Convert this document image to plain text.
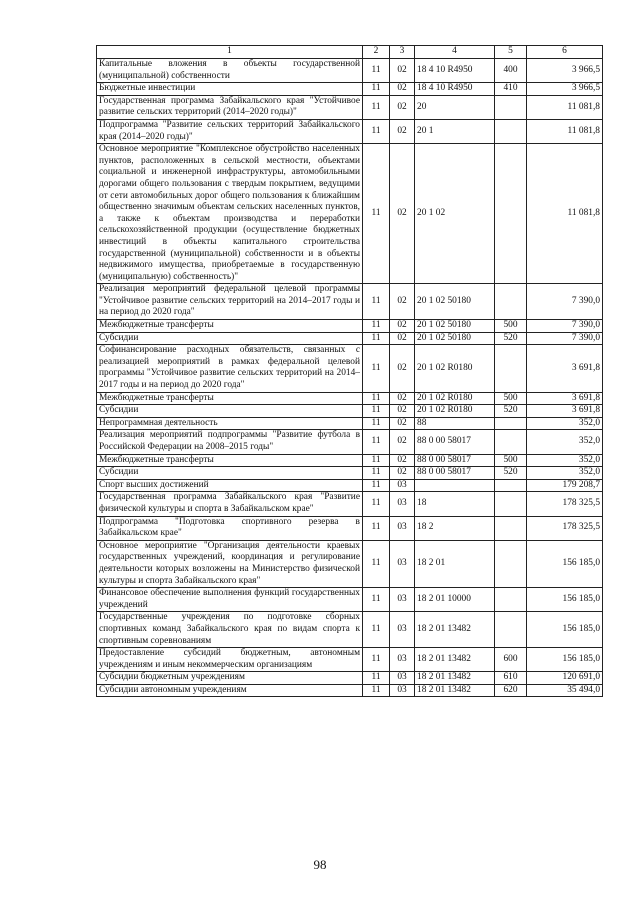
1	2	3	4	5	6
Капитальные вложения в объекты государственной (муниципальной) собственности	11	02	18 4 10 R4950	400	3 966,5
Бюджетные инвестиции	11	02	18 4 10 R4950	410	3 966,5
Государственная программа Забайкальского края "Устойчивое развитие сельских территорий (2014–2020 годы)"	11	02	20		11 081,8
Подпрограмма "Развитие сельских территорий Забайкальского края (2014–2020 годы)"	11	02	20 1		11 081,8
Основное мероприятие "Комплексное обустройство населенных пунктов, расположенных в сельской местности, объектами социальной и инженерной инфраструктуры, автомобильными дорогами общего пользования с твердым покрытием, ведущими от сети автомобильных дорог общего пользования к ближайшим общественно значимым объектам сельских населенных пунктов, а также к объектам производства и переработки сельскохозяйственной продукции (осуществление бюджетных инвестиций в объекты капитального строительства государственной (муниципальной) собственности и в объекты недвижимого имущества, приобретаемые в государственную (муниципальную) собственность)"	11	02	20 1 02		11 081,8
Реализация мероприятий федеральной целевой программы "Устойчивое развитие сельских территорий на 2014–2017 годы и на период до 2020 года"	11	02	20 1 02 50180		7 390,0
Межбюджетные трансферты	11	02	20 1 02 50180	500	7 390,0
Субсидии	11	02	20 1 02 50180	520	7 390,0
Софинансирование расходных обязательств, связанных с реализацией мероприятий в рамках федеральной целевой программы "Устойчивое развитие сельских территорий на 2014–2017 годы и на период до 2020 года"	11	02	20 1 02 R0180		3 691,8
Межбюджетные трансферты	11	02	20 1 02 R0180	500	3 691,8
Субсидии	11	02	20 1 02 R0180	520	3 691,8
Непрограммная деятельность	11	02	88		352,0
Реализация мероприятий подпрограммы "Развитие футбола в Российской Федерации на 2008–2015 годы"	11	02	88 0 00 58017		352,0
Межбюджетные трансферты	11	02	88 0 00 58017	500	352,0
Субсидии	11	02	88 0 00 58017	520	352,0
Спорт высших достижений	11	03			179 208,7
Государственная программа Забайкальского края "Развитие физической культуры и спорта в Забайкальском крае"	11	03	18		178 325,5
Подпрограмма "Подготовка спортивного резерва в Забайкальском крае"	11	03	18 2		178 325,5
Основное мероприятие "Организация деятельности краевых государственных учреждений, координация и регулирование деятельности которых возложены на Министерство физической культуры и спорта Забайкальского края"	11	03	18 2 01		156 185,0
Финансовое обеспечение выполнения функций государственных учреждений	11	03	18 2 01 10000		156 185,0
Государственные учреждения по подготовке сборных спортивных команд Забайкальского края по видам спорта к спортивным соревнованиям	11	03	18 2 01 13482		156 185,0
Предоставление субсидий бюджетным, автономным учреждениям и иным некоммерческим организациям	11	03	18 2 01 13482	600	156 185,0
Субсидии бюджетным учреждениям	11	03	18 2 01 13482	610	120 691,0
Субсидии автономным учреждениям	11	03	18 2 01 13482	620	35 494,0
98
